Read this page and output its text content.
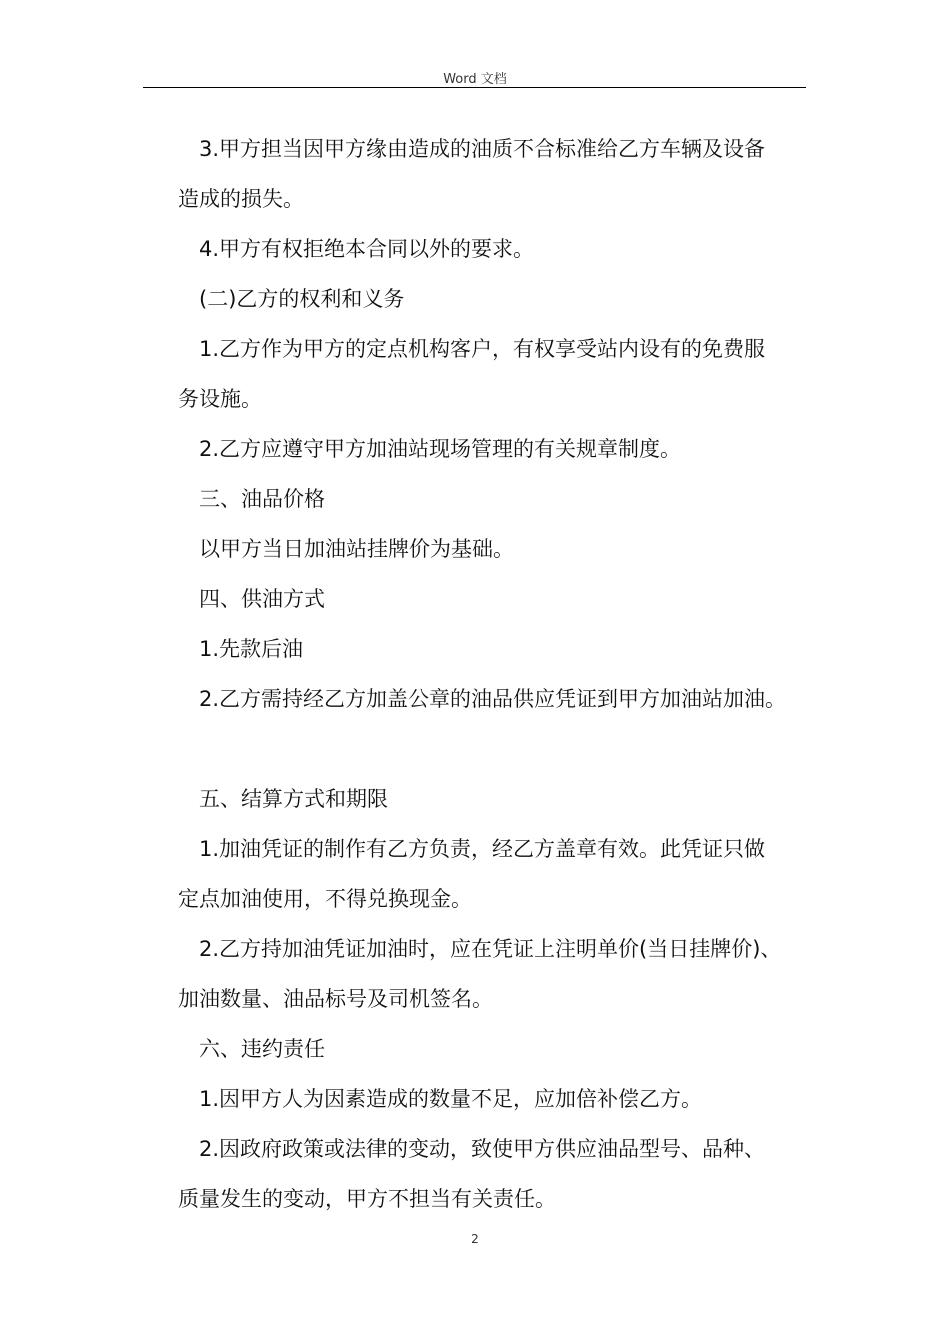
Word 文档

3.甲方担当因甲方缘由造成的油质不合标准给乙方车辆及设备

造成的损失。

4.甲方有权拒绝本合同以外的要求。

(二)乙方的权利和义务

1.乙方作为甲方的定点机构客户，有权享受站内设有的免费服

务设施。

2.乙方应遵守甲方加油站现场管理的有关规章制度。

三、油品价格

以甲方当日加油站挂牌价为基础。

四、供油方式

1.先款后油

2.乙方需持经乙方加盖公章的油品供应凭证到甲方加油站加油。

五、结算方式和期限

1.加油凭证的制作有乙方负责，经乙方盖章有效。此凭证只做

定点加油使用，不得兑换现金。

2.乙方持加油凭证加油时，应在凭证上注明单价(当日挂牌价)、

加油数量、油品标号及司机签名。

六、违约责任

1.因甲方人为因素造成的数量不足，应加倍补偿乙方。

2.因政府政策或法律的变动，致使甲方供应油品型号、品种、

质量发生的变动，甲方不担当有关责任。

2
